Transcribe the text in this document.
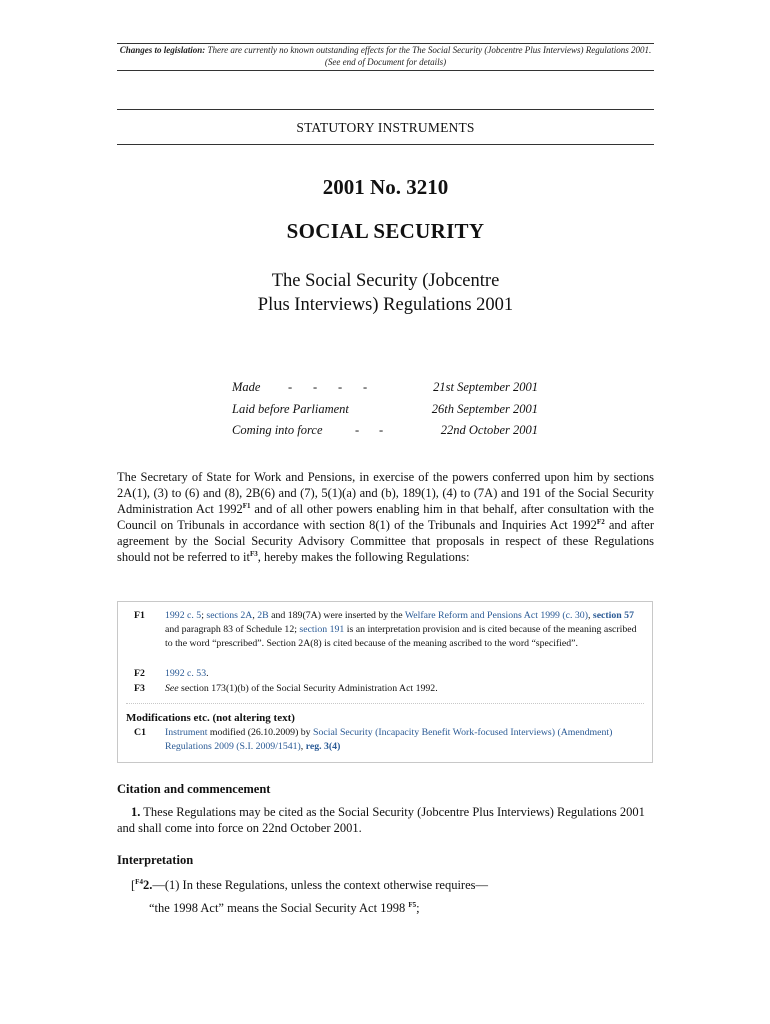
Changes to legislation: There are currently no known outstanding effects for the The Social Security (Jobcentre Plus Interviews) Regulations 2001. (See end of Document for details)
STATUTORY INSTRUMENTS
2001 No. 3210
SOCIAL SECURITY
The Social Security (Jobcentre
Plus Interviews) Regulations 2001
Made - - - -	21st September 2001
Laid before Parliament	26th September 2001
Coming into force	- -	22nd October 2001
The Secretary of State for Work and Pensions, in exercise of the powers conferred upon him by sections 2A(1), (3) to (6) and (8), 2B(6) and (7), 5(1)(a) and (b), 189(1), (4) to (7A) and 191 of the Social Security Administration Act $1992^{F1}$ and of all other powers enabling him in that behalf, after consultation with the Council on Tribunals in accordance with section 8(1) of the Tribunals and Inquiries Act $1992^{F2}$ and after agreement by the Social Security Advisory Committee that proposals in respect of these Regulations should not be referred to $it^{F3}$, hereby makes the following Regulations:
F1 1992 c. 5; sections 2A, 2B and 189(7A) were inserted by the Welfare Reform and Pensions Act 1999 (c. 30), section 57 and paragraph 83 of Schedule 12; section 191 is an interpretation provision and is cited because of the meaning ascribed to the word “prescribed”. Section 2A(8) is cited because of the meaning ascribed to the word “specified”.
F2 1992 c. 53.
F3 See section 173(1)(b) of the Social Security Administration Act 1992.
Modifications etc. (not altering text)
C1 Instrument modified (26.10.2009) by Social Security (Incapacity Benefit Work-focused Interviews) (Amendment) Regulations 2009 (S.I. 2009/1541), reg. 3(4)
Citation and commencement
1. These Regulations may be cited as the Social Security (Jobcentre Plus Interviews) Regulations 2001 and shall come into force on 22nd October 2001.
Interpretation
[$^{F4}$2.—(1) In these Regulations, unless the context otherwise requires—
“the 1998 Act” means the Social Security Act 1998 $^{F5}$;
